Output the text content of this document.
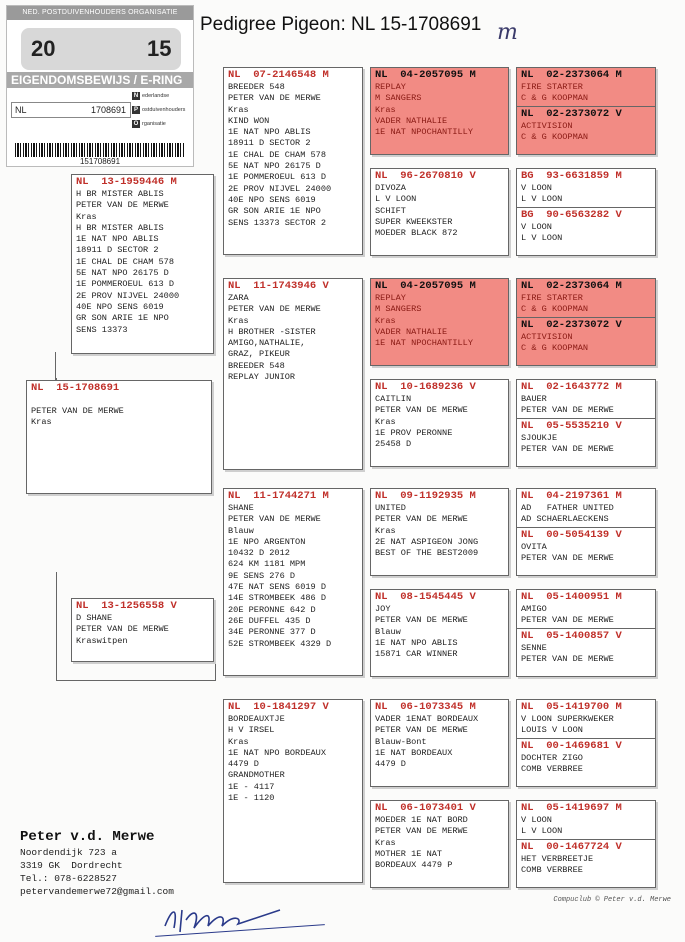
NED. POSTDUIVENHOUDERS ORGANISATIE
20	15
EIGENDOMSBEWIJS / E-RING
NL	1708691
N ederlandse
P ostduivenhouders
O rganisatie
151708691
Pedigree Pigeon: NL 15-1708691 m
NL  15-1708691
PETER VAN DE MERWE
Kras
NL  13-1959446 M
H BR MISTER ABLIS
PETER VAN DE MERWE
Kras
H BR MISTER ABLIS
1E NAT NPO ABLIS
18911 D SECTOR 2
1E CHAL DE CHAM 578
5E NAT NPO 26175 D
1E POMMEROEUL 613 D
2E PROV NIJVEL 24000
40E NPO SENS 6019
GR SON ARIE 1E NPO
SENS 13373
NL  13-1256558 V
D SHANE
PETER VAN DE MERWE
Kraswitpen
NL  07-2146548 M
BREEDER 548
PETER VAN DE MERWE
Kras
KIND WON
1E NAT NPO ABLIS
18911 D SECTOR 2
1E CHAL DE CHAM 578
5E NAT NPO 26175 D
1E POMMEROEUL 613 D
2E PROV NIJVEL 24000
40E NPO SENS 6019
GR SON ARIE 1E NPO
SENS 13373 SECTOR 2
NL  11-1743946 V
ZARA
PETER VAN DE MERWE
Kras
H BROTHER -SISTER
AMIGO,NATHALIE,
GRAZ, PIKEUR
BREEDER 548
REPLAY JUNIOR
NL  11-1744271 M
SHANE
PETER VAN DE MERWE
Blauw
1E NPO ARGENTON
10432 D 2012
624 KM 1181 MPM
9E SENS 276 D
47E NAT SENS 6019 D
14E STROMBEEK 486 D
20E PERONNE 642 D
26E DUFFEL 435 D
34E PERONNE 377 D
52E STROMBEEK 4329 D
NL  10-1841297 V
BORDEAUXTJE
H V IRSEL
Kras
1E NAT NPO BORDEAUX
4479 D
GRANDMOTHER
1E - 4117
1E - 1120
NL  04-2057095 M
REPLAY
M SANGERS
Kras
VADER NATHALIE
1E NAT NPOCHANTILLY
NL  96-2670810 V
DIVOZA
L V LOON
SCHIFT
SUPER KWEEKSTER
MOEDER BLACK 872
NL  04-2057095 M
REPLAY
M SANGERS
Kras
VADER NATHALIE
1E NAT NPOCHANTILLY
NL  10-1689236 V
CAITLIN
PETER VAN DE MERWE
Kras
1E PROV PERONNE
25458 D
NL  09-1192935 M
UNITED
PETER VAN DE MERWE
Kras
2E NAT ASPIGEON JONG
BEST OF THE BEST2009
NL  08-1545445 V
JOY
PETER VAN DE MERWE
Blauw
1E NAT NPO ABLIS
15871 CAR WINNER
NL  06-1073345 M
VADER 1ENAT BORDEAUX
PETER VAN DE MERWE
Blauw-Bont
1E NAT BORDEAUX
4479 D
NL  06-1073401 V
MOEDER 1E NAT BORD
PETER VAN DE MERWE
Kras
MOTHER 1E NAT
BORDEAUX 4479 P
NL  02-2373064 M
FIRE STARTER
C & G KOOPMAN
NL  02-2373072 V
ACTIVISION
C & G KOOPMAN
BG  93-6631859 M
V LOON
L V LOON
BG  90-6563282 V
V LOON
L V LOON
NL  02-2373064 M
FIRE STARTER
C & G KOOPMAN
NL  02-2373072 V
ACTIVISION
C & G KOOPMAN
NL  02-1643772 M
BAUER
PETER VAN DE MERWE
NL  05-5535210 V
SJOUKJE
PETER VAN DE MERWE
NL  04-2197361 M
AD   FATHER UNITED
AD SCHAERLAECKENS
NL  00-5054139 V
OVITA
PETER VAN DE MERWE
NL  05-1400951 M
AMIGO
PETER VAN DE MERWE
NL  05-1400857 V
SENNE
PETER VAN DE MERWE
NL  05-1419700 M
V LOON SUPERKWEKER
LOUIS V LOON
NL  00-1469681 V
DOCHTER ZIGO
COMB VERBREE
NL  05-1419697 M
V LOON
L V LOON
NL  00-1467724 V
HET VERBREETJE
COMB VERBREE
Peter v.d. Merwe
Noordendijk 723 a
3319 GK  Dordrecht
Tel.: 078-6228527
petervandemerwe72@gmail.com
Compuclub © Peter v.d. Merwe
